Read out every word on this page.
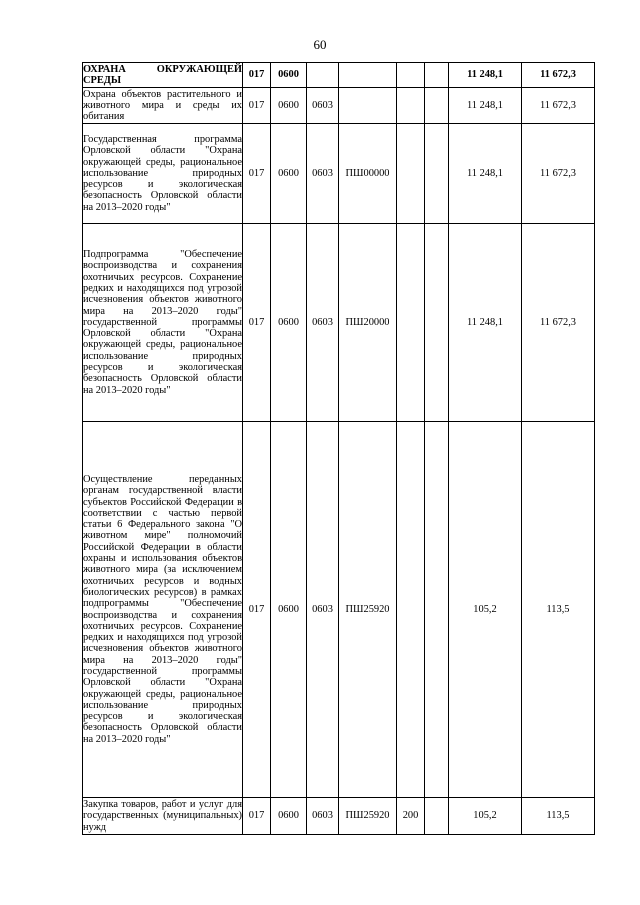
60
ОХРАНА ОКРУЖАЮЩЕЙ СРЕДЫ	017	0600					11 248,1	11 672,3
Охрана объектов растительного и животного мира и среды их обитания	017	0600	0603				11 248,1	11 672,3
Государственная программа Орловской области "Охрана окружающей среды, рациональное использование природных ресурсов и экологическая безопасность Орловской области на 2013–2020 годы"	017	0600	0603	ПШ00000			11 248,1	11 672,3
Подпрограмма "Обеспечение воспроизводства и сохранения охотничьих ресурсов. Сохранение редких и находящихся под угрозой исчезновения объектов животного мира на 2013–2020 годы" государственной программы Орловской области "Охрана окружающей среды, рациональное использование природных ресурсов и экологическая безопасность Орловской области на 2013–2020 годы"	017	0600	0603	ПШ20000			11 248,1	11 672,3
Осуществление переданных органам государственной власти субъектов Российской Федерации в соответствии с частью первой статьи 6 Федерального закона "О животном мире" полномочий Российской Федерации в области охраны и использования объектов животного мира (за исключением охотничьих ресурсов и водных биологических ресурсов) в рамках подпрограммы "Обеспечение воспроизводства и сохранения охотничьих ресурсов. Сохранение редких и находящихся под угрозой исчезновения объектов животного мира на 2013–2020 годы" государственной программы Орловской области "Охрана окружающей среды, рациональное использование природных ресурсов и экологическая безопасность Орловской области на 2013–2020 годы"	017	0600	0603	ПШ25920			105,2	113,5
Закупка товаров, работ и услуг для государственных (муниципальных) нужд	017	0600	0603	ПШ25920	200		105,2	113,5
